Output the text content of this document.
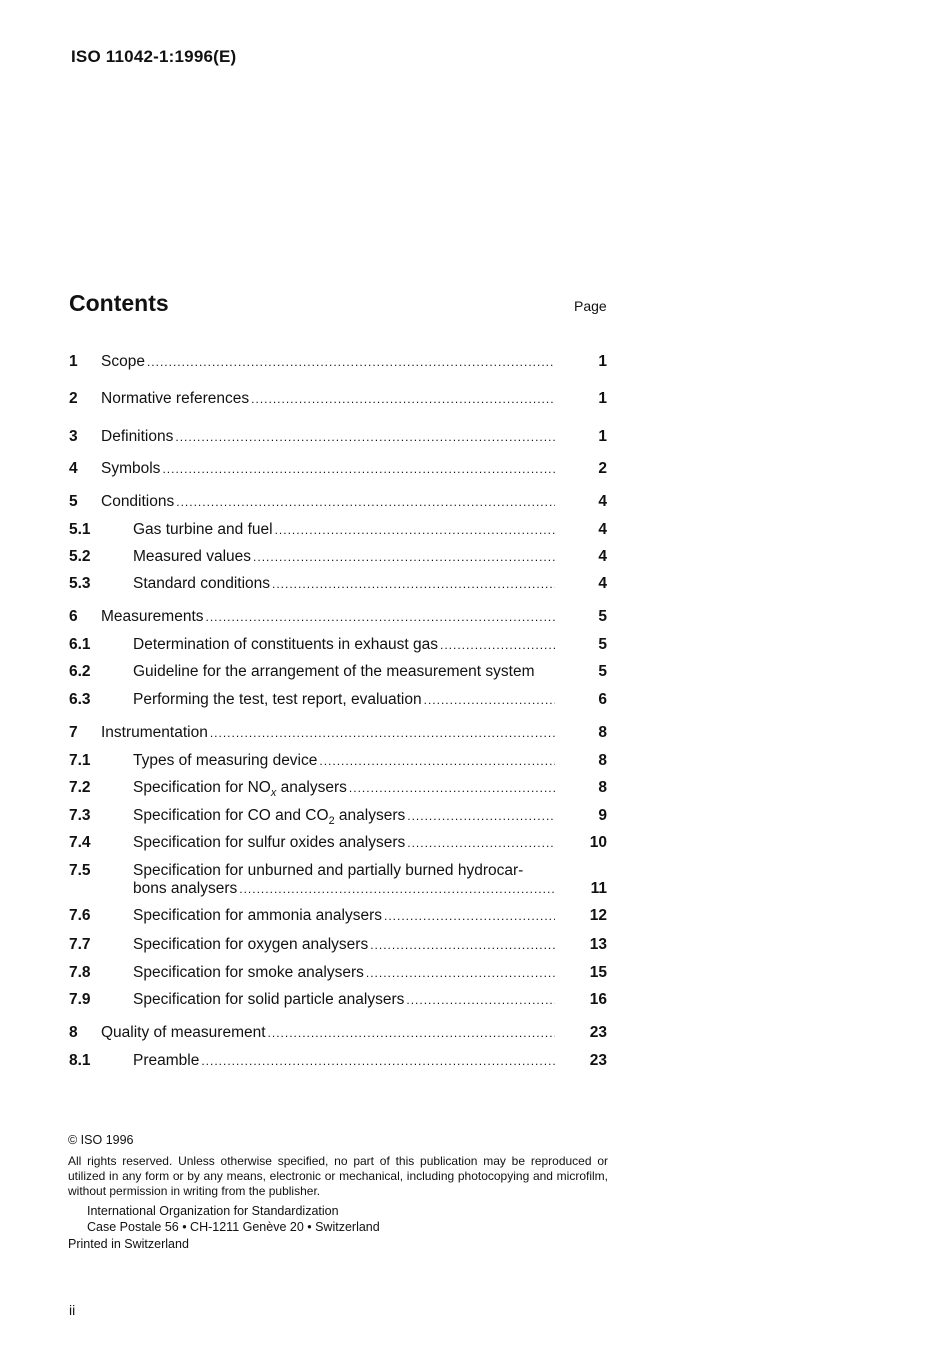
ISO 11042-1:1996(E)
Contents	Page
1 Scope .....	1
2 Normative references .....	1
3 Definitions .....	1
4 Symbols .....	2
5 Conditions .....	4
5.1	Gas turbine and fuel .....	4
5.2	Measured values .....	4
5.3	Standard conditions .....	4
6 Measurements .....	5
6.1	Determination of constituents in exhaust gas .....	5
6.2	Guideline for the arrangement of the measurement system	5
6.3	Performing the test, test report, evaluation .....	6
7 Instrumentation .....	8
7.1	Types of measuring device .....	8
7.2	Specification for $NO_x$ analysers .....	8
7.3	Specification for CO and $CO_2$ analysers .....	9
7.4	Specification for sulfur oxides analysers .....	10
7.5	Specification for unburned and partially burned hydrocar-
bons analysers .....	11
7.6	Specification for ammonia analysers .....	12
7.7	Specification for oxygen analysers .....	13
7.8	Specification for smoke analysers .....	15
7.9	Specification for solid particle analysers .....	16
8 Quality of measurement .....	23
8.1	Preamble .....	23
© ISO 1996
All rights reserved. Unless otherwise specified, no part of this publication may be reproduced or utilized in any form or by any means, electronic or mechanical, including photocopying and microfilm, without permission in writing from the publisher.
International Organization for Standardization
Case Postale 56 • CH-1211 Genève 20 • Switzerland
Printed in Switzerland
ii
